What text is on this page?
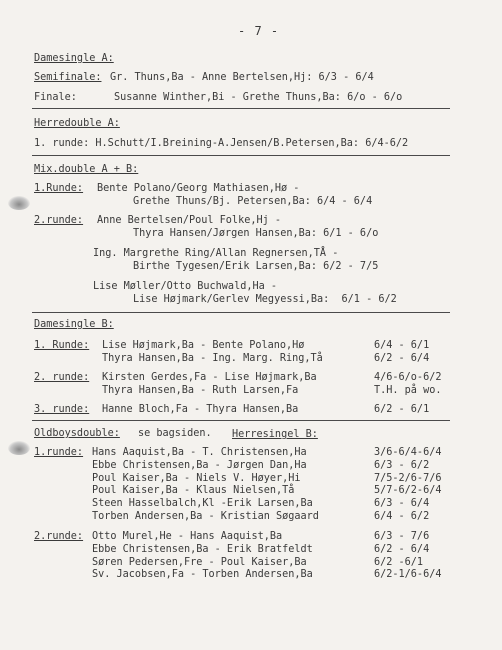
- 7 -
Damesingle A:
Semifinale: Gr. Thuns,Ba - Anne Bertelsen,Hj: 6/3 - 6/4
Finale:	Susanne Winther,Bi - Grethe Thuns,Ba: 6/o - 6/o
Herredouble A:
1. runde: H.Schutt/I.Breining-A.Jensen/B.Petersen,Ba: 6/4-6/2
Mix.double A + B:
1.Runde: Bente Polano/Georg Mathiasen,Hø -
Grethe Thuns/Bj. Petersen,Ba: 6/4 - 6/4
2.runde: Anne Bertelsen/Poul Folke,Hj -
Thyra Hansen/Jørgen Hansen,Ba: 6/1 - 6/o
Ing. Margrethe Ring/Allan Regnersen,TÅ -
Birthe Tygesen/Erik Larsen,Ba: 6/2 - 7/5
Lise Møller/Otto Buchwald,Ha -
Lise Højmark/Gerlev Megyessi,Ba:  6/1 - 6/2
Damesingle B:
1. Runde: Lise Højmark,Ba - Bente Polano,Hø	6/4 - 6/1
Thyra Hansen,Ba - Ing. Marg. Ring,Tå	6/2 - 6/4
2. runde: Kirsten Gerdes,Fa - Lise Højmark,Ba	4/6-6/o-6/2
Thyra Hansen,Ba - Ruth Larsen,Fa	T.H. på wo.
3. runde: Hanne Bloch,Fa - Thyra Hansen,Ba	6/2 - 6/1
Oldboysdouble: se bagsiden. Herresingel B:
1.runde: Hans Aaquist,Ba - T. Christensen,Ha	3/6-6/4-6/4
Ebbe Christensen,Ba - Jørgen Dan,Ha	6/3 - 6/2
Poul Kaiser,Ba - Niels V. Høyer,Hi	7/5-2/6-7/6
Poul Kaiser,Ba - Klaus Nielsen,Tå	5/7-6/2-6/4
Steen Hasselbalch,Kl -Erik Larsen,Ba	6/3 - 6/4
Torben Andersen,Ba - Kristian Søgaard	6/4 - 6/2
2.runde: Otto Murel,He - Hans Aaquist,Ba	6/3 - 7/6
Ebbe Christensen,Ba - Erik Bratfeldt	6/2 - 6/4
Søren Pedersen,Fre - Poul Kaiser,Ba	6/2 -6/1
Sv. Jacobsen,Fa - Torben Andersen,Ba	6/2-1/6-6/4
